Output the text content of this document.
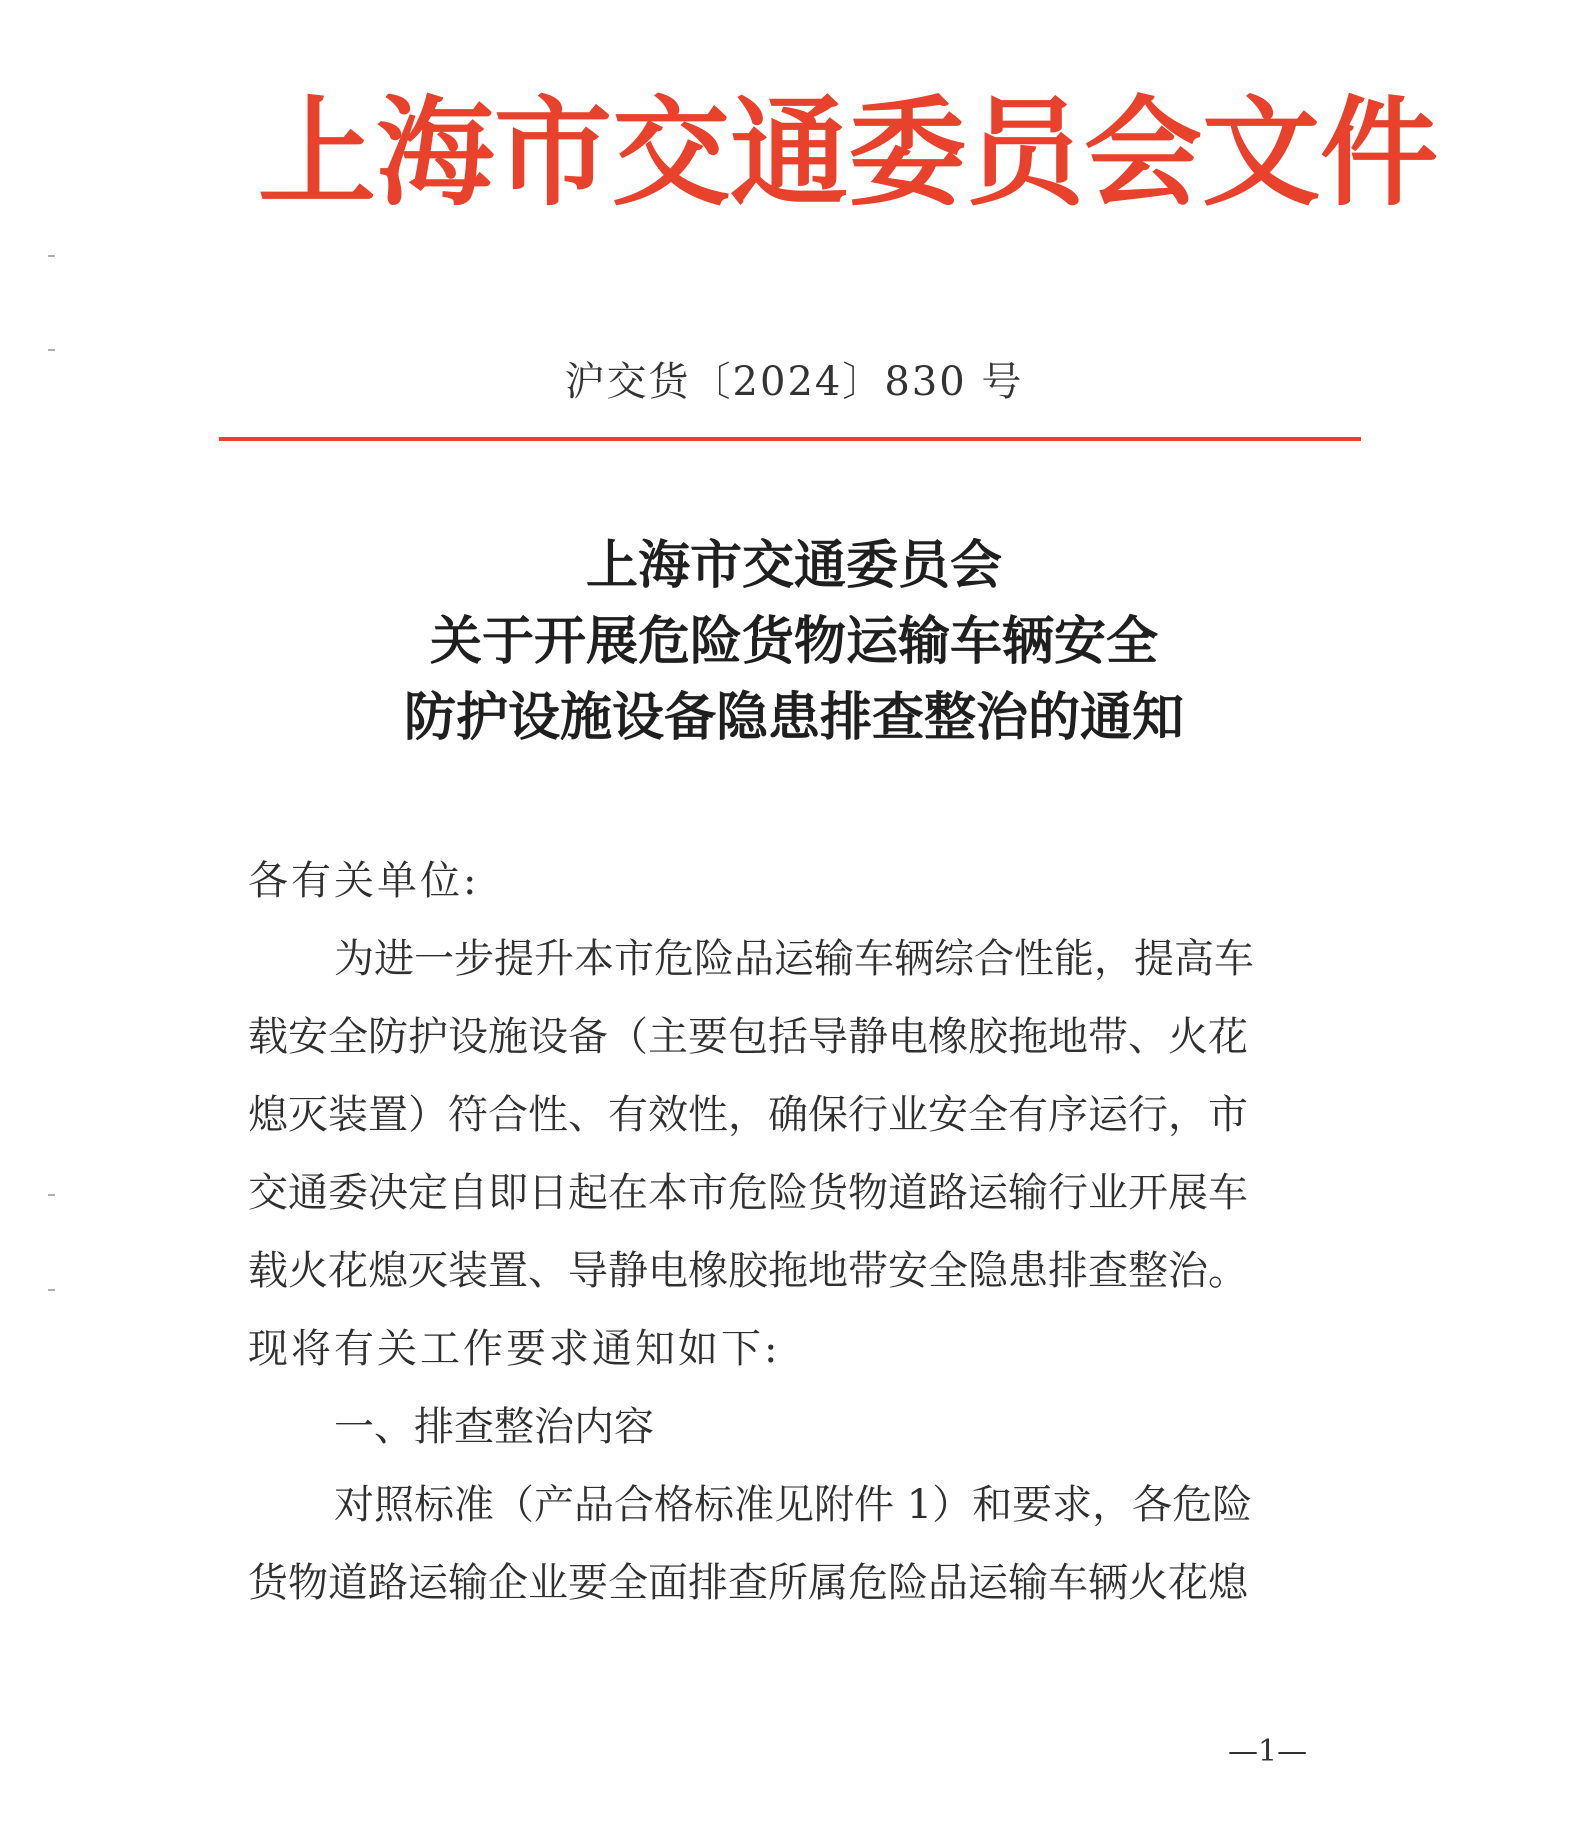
上 海 市 交 通 委 员 会 文 件
沪交货〔2024〕830 号
上海市交通委员会
关于开展危险货物运输车辆安全
防护设施设备隐患排查整治的通知
各有关单位:
为进一步提升本市危险品运输车辆综合性能，提高车
载安全防护设施设备（主要包括导静电橡胶拖地带、火花
熄灭装置）符合性、有效性，确保行业安全有序运行，市
交通委决定自即日起在本市危险货物道路运输行业开展车
载火花熄灭装置、导静电橡胶拖地带安全隐患排查整治。
现将有关工作要求通知如下:
一、排查整治内容
对照标准（产品合格标准见附件 1）和要求，各危险
货物道路运输企业要全面排查所属危险品运输车辆火花熄
—1—
